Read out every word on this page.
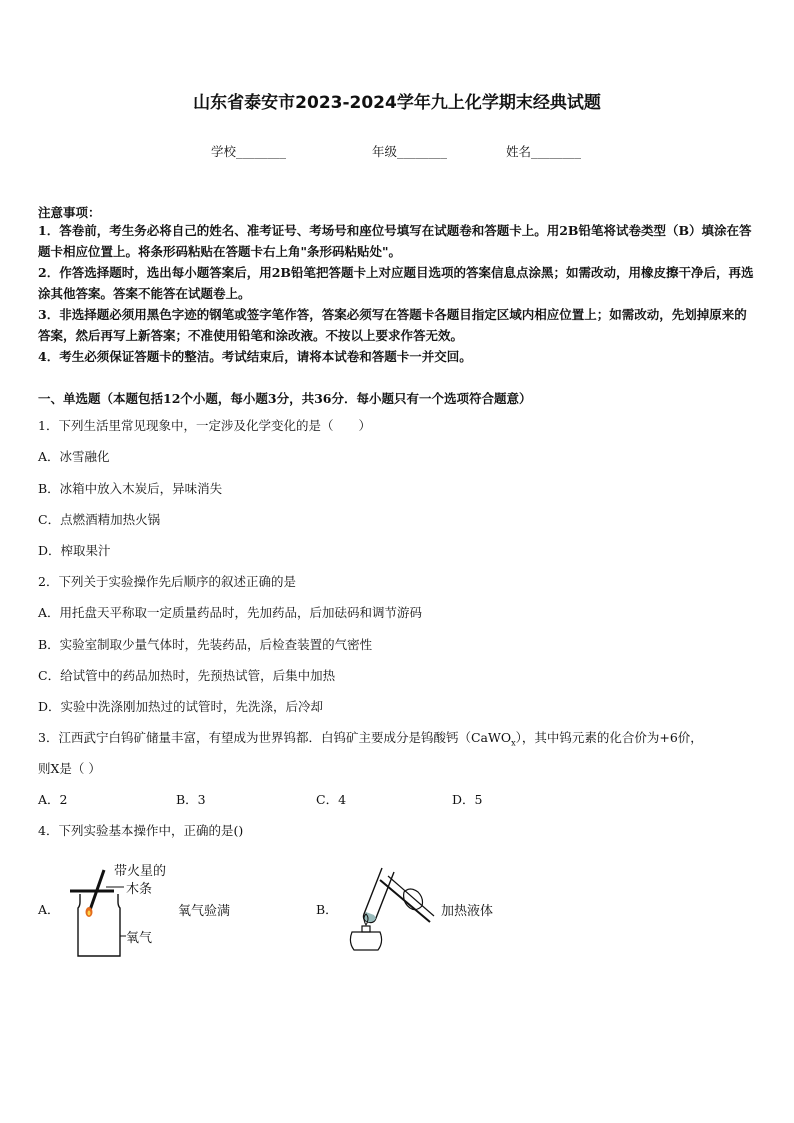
山东省泰安市2023-2024学年九上化学期末经典试题
学校________	年级________	姓名________
注意事项：
1．答卷前，考生务必将自己的姓名、准考证号、考场号和座位号填写在试题卷和答题卡上。用2B铅笔将试卷类型（B）填涂在答题卡相应位置上。将条形码粘贴在答题卡右上角"条形码粘贴处"。
2．作答选择题时，选出每小题答案后，用2B铅笔把答题卡上对应题目选项的答案信息点涂黑；如需改动，用橡皮擦干净后，再选涂其他答案。答案不能答在试题卷上。
3．非选择题必须用黑色字迹的钢笔或签字笔作答，答案必须写在答题卡各题目指定区域内相应位置上；如需改动，先划掉原来的答案，然后再写上新答案；不准使用铅笔和涂改液。不按以上要求作答无效。
4．考生必须保证答题卡的整洁。考试结束后，请将本试卷和答题卡一并交回。
一、单选题（本题包括12个小题，每小题3分，共36分．每小题只有一个选项符合题意）
1．下列生活里常见现象中，一定涉及化学变化的是（　　）
A．冰雪融化
B．冰箱中放入木炭后，异味消失
C．点燃酒精加热火锅
D．榨取果汁
2．下列关于实验操作先后顺序的叙述正确的是
A．用托盘天平称取一定质量药品时，先加药品，后加砝码和调节游码
B．实验室制取少量气体时，先装药品，后检查装置的气密性
C．给试管中的药品加热时，先预热试管，后集中加热
D．实验中洗涤刚加热过的试管时，先洗涤，后冷却
3．江西武宁白钨矿储量丰富，有望成为世界钨都．白钨矿主要成分是钨酸钙（CaWO$_x$），其中钨元素的化合价为+6价，
则X是（ ）
A．2	B．3	C．4	D．5
4．下列实验基本操作中，正确的是()
A．
带火星的
木条
氧气
氧气验满	B．	加热液体
